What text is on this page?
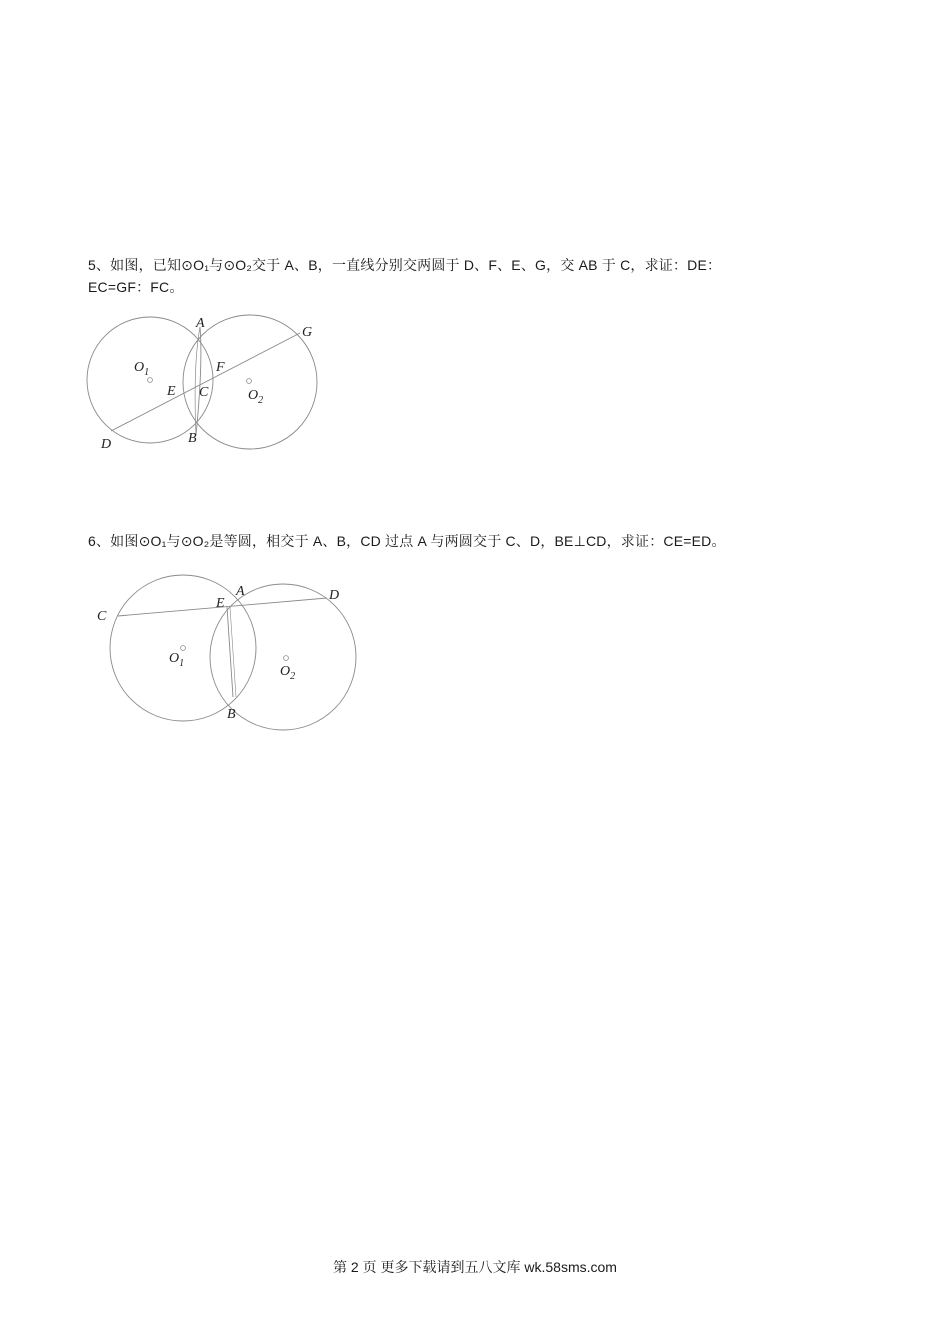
5、如图，已知⊙O₁与⊙O₂交于 A、B，一直线分别交两圆于 D、F、E、G，交 AB 于 C，求证：DE：
EC=GF：FC。
A
B
C
D
E
F
G
$O_1$
$O_2$
6、如图⊙O₁与⊙O₂是等圆，相交于 A、B，CD 过点 A 与两圆交于 C、D，BE⊥CD，求证：CE=ED。
A
B
C
D
E
$O_1$
$O_2$
第 2 页 更多下载请到五八文库 wk.58sms.com
